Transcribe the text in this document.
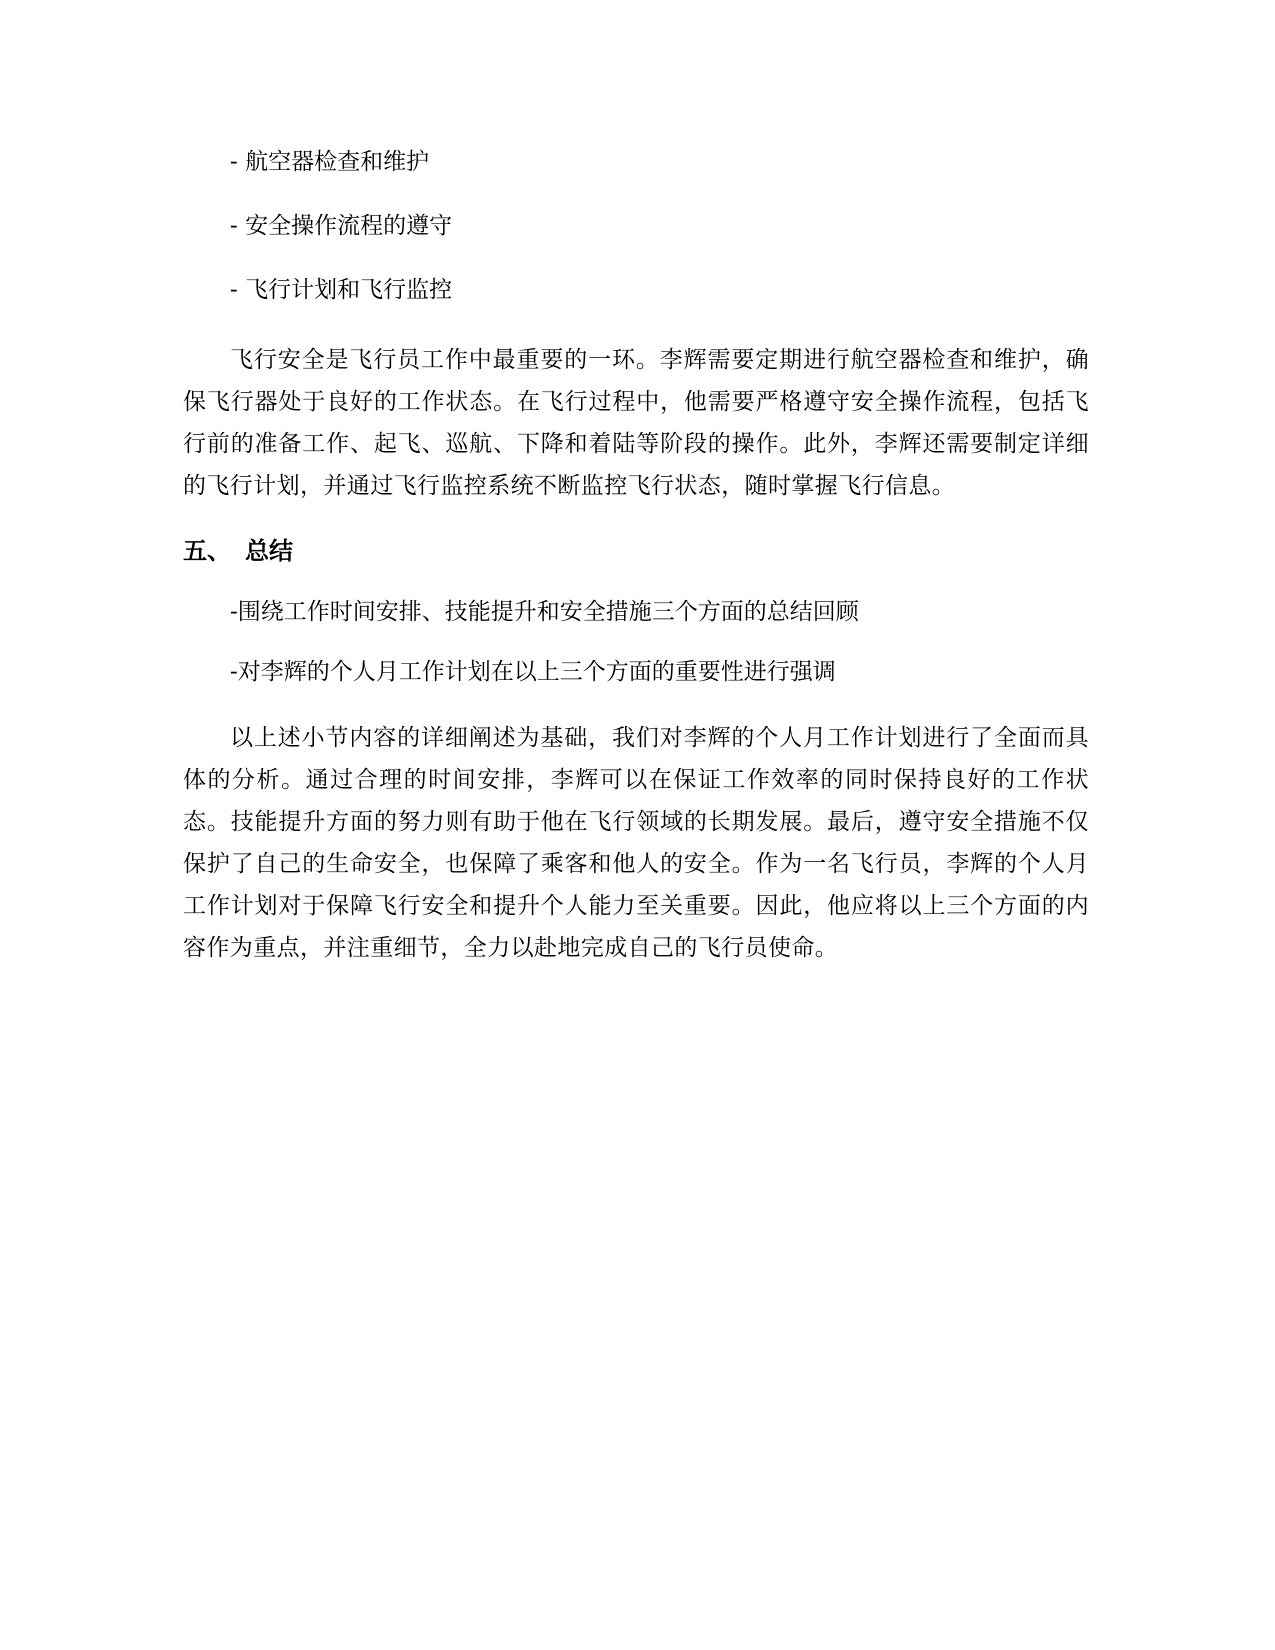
- 航空器检查和维护

- 安全操作流程的遵守

- 飞行计划和飞行监控

飞行安全是飞行员工作中最重要的一环。李辉需要定期进行航空器检查和维护，确保飞行器处于良好的工作状态。在飞行过程中，他需要严格遵守安全操作流程，包括飞行前的准备工作、起飞、巡航、下降和着陆等阶段的操作。此外，李辉还需要制定详细的飞行计划，并通过飞行监控系统不断监控飞行状态，随时掌握飞行信息。

五、 总结

-围绕工作时间安排、技能提升和安全措施三个方面的总结回顾

-对李辉的个人月工作计划在以上三个方面的重要性进行强调

以上述小节内容的详细阐述为基础，我们对李辉的个人月工作计划进行了全面而具体的分析。通过合理的时间安排，李辉可以在保证工作效率的同时保持良好的工作状态。技能提升方面的努力则有助于他在飞行领域的长期发展。最后，遵守安全措施不仅保护了自己的生命安全，也保障了乘客和他人的安全。作为一名飞行员，李辉的个人月工作计划对于保障飞行安全和提升个人能力至关重要。因此，他应将以上三个方面的内容作为重点，并注重细节，全力以赴地完成自己的飞行员使命。
